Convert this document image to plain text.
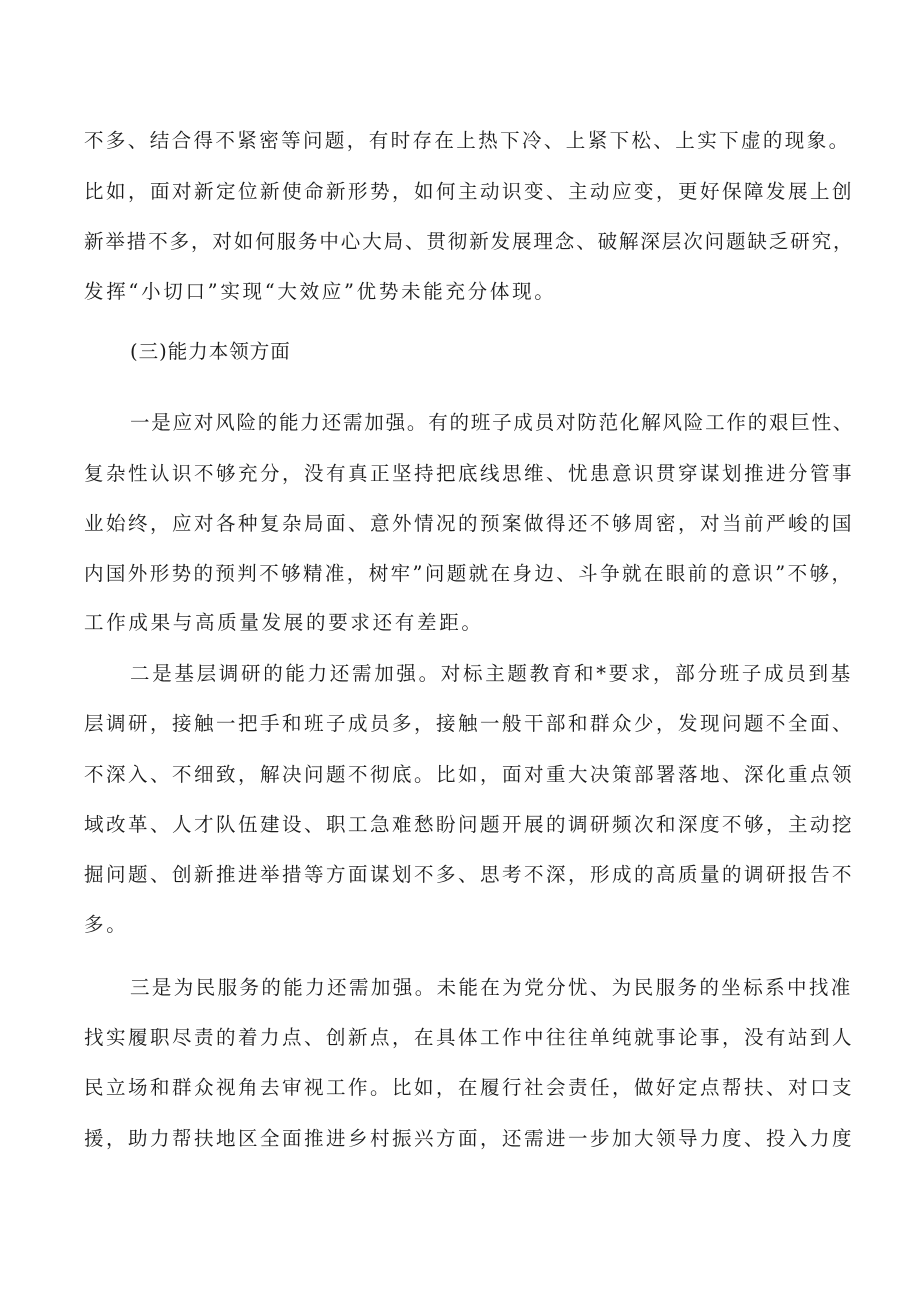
不多、结合得不紧密等问题，有时存在上热下冷、上紧下松、上实下虚的现象。
比如，面对新定位新使命新形势，如何主动识变、主动应变，更好保障发展上创
新举措不多，对如何服务中心大局、贯彻新发展理念、破解深层次问题缺乏研究，
发挥“小切口”实现“大效应”优势未能充分体现。
(三)能力本领方面
一是应对风险的能力还需加强。有的班子成员对防范化解风险工作的艰巨性、
复杂性认识不够充分，没有真正坚持把底线思维、忧患意识贯穿谋划推进分管事
业始终，应对各种复杂局面、意外情况的预案做得还不够周密，对当前严峻的国
内国外形势的预判不够精准，树牢”问题就在身边、斗争就在眼前的意识”不够，
工作成果与高质量发展的要求还有差距。
二是基层调研的能力还需加强。对标主题教育和*要求，部分班子成员到基
层调研，接触一把手和班子成员多，接触一般干部和群众少，发现问题不全面、
不深入、不细致，解决问题不彻底。比如，面对重大决策部署落地、深化重点领
域改革、人才队伍建设、职工急难愁盼问题开展的调研频次和深度不够，主动挖
掘问题、创新推进举措等方面谋划不多、思考不深，形成的高质量的调研报告不
多。
三是为民服务的能力还需加强。未能在为党分忧、为民服务的坐标系中找准
找实履职尽责的着力点、创新点，在具体工作中往往单纯就事论事，没有站到人
民立场和群众视角去审视工作。比如，在履行社会责任，做好定点帮扶、对口支
援，助力帮扶地区全面推进乡村振兴方面，还需进一步加大领导力度、投入力度
